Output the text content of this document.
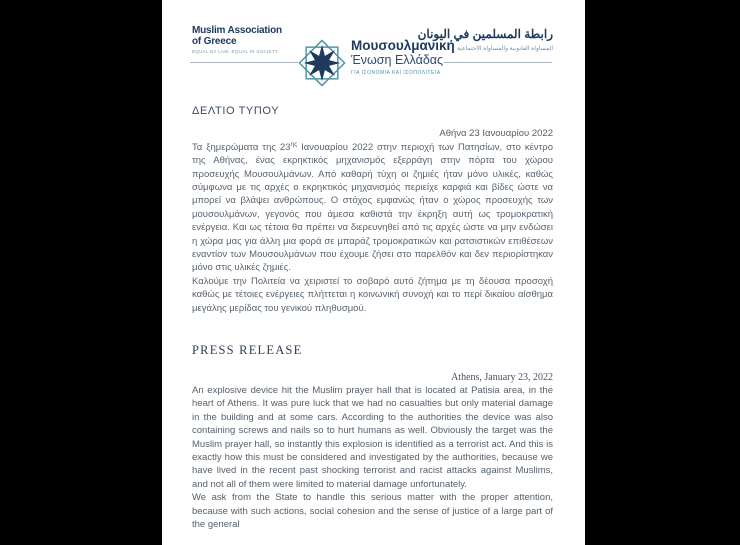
Muslim Association
of Greece
EQUAL BY LAW, EQUAL IN SOCIETY.	Μουσουλμανική
Ένωση Ελλάδας
ΓΙΑ ΙΣΟΝΟΜΙΑ ΚΑΙ ΙΣΟΠΟΛΙΤΕΙΑ
رابطة المسلمين في اليونان
المساواة القانونية والمساواة الاجتماعية
ΔΕΛΤΙΟ ΤΥΠΟΥ
Αθήνα 23 Ιανουαρίου 2022

Τα ξημερώματα της $23^{\eta\varsigma}$ Ιανουαρίου 2022 στην περιοχή των Πατησίων, στο κέντρο της Αθήνας, ένας εκρηκτικός μηχανισμός εξερράγη στην πόρτα του χώρου προσευχής Μουσουλμάνων. Από καθαρή τύχη οι ζημιές ήταν μόνο υλικές, καθώς σύμφωνα με τις αρχές ο εκρηκτικός μηχανισμός περιείχε καρφιά και βίδες ώστε να μπορεί να βλάψει ανθρώπους. Ο στόχος εμφανώς ήταν ο χώρος προσευχής των μουσουλμάνων, γεγονός που άμεσα καθιστά την έκρηξη αυτή ως τρομοκρατική ενέργεια. Και ως τέτοια θα πρέπει να διερευνηθεί από τις αρχές ώστε να μην ενδώσει η χώρα μας για άλλη μια φορά σε μπαράζ τρομοκρατικών και ρατσιστικών επιθέσεων εναντίον των Μουσουλμάνων που έχουμε ζήσει στο παρελθόν και δεν περιορίστηκαν μόνο στις υλικές ζημιές.

Καλούμε την Πολιτεία να χειριστεί το σοβαρό αυτό ζήτημα με τη δέουσα προσοχή καθώς με τέτοιες ενέργειες πλήττεται η κοινωνική συνοχή και το περί δικαίου αίσθημα μεγάλης μερίδας του γενικού πληθυσμού.

PRESS RELEASE
Athens, January 23, 2022

An explosive device hit the Muslim prayer hall that is located at Patisia area, in the heart of Athens. It was pure luck that we had no casualties but only material damage in the building and at some cars. According to the authorities the device was also containing screws and nails so to hurt humans as well. Obviously the target was the Muslim prayer hall, so instantly this explosion is identified as a terrorist act. And this is exactly how this must be considered and investigated by the authorities, because we have lived in the recent past shocking terrorist and racist attacks against Muslims, and not all of them were limited to material damage unfortunately.

We ask from the State to handle this serious matter with the proper attention, because with such actions, social cohesion and the sense of justice of a large part of the general
